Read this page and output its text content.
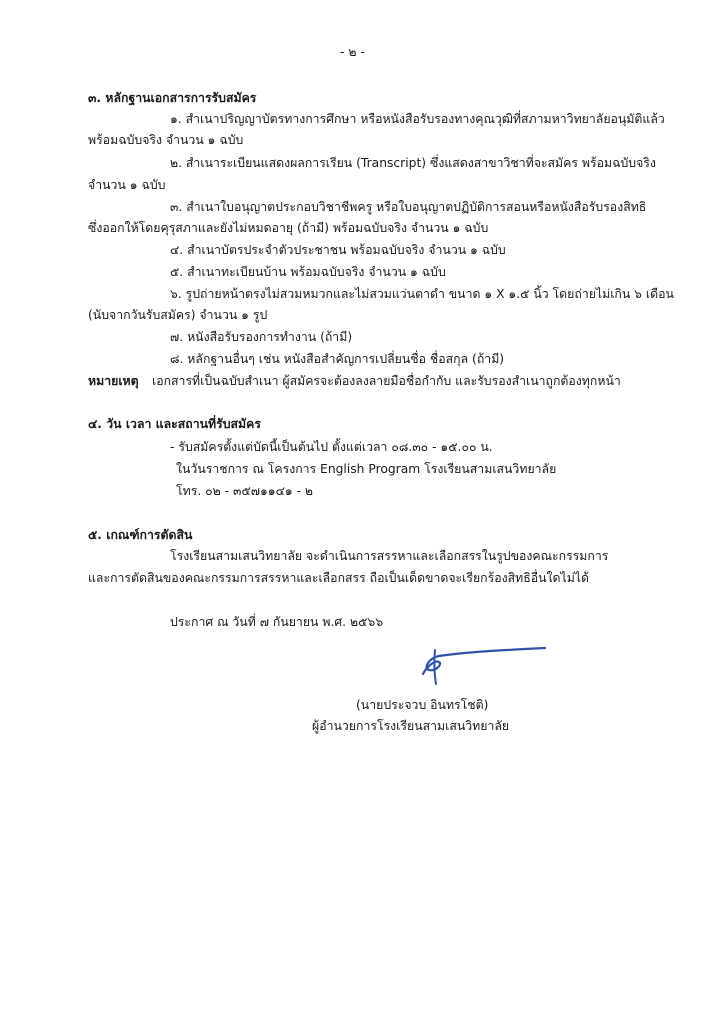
- ๒ -
๓. หลักฐานเอกสารการรับสมัคร
๑. สำเนาปริญญาบัตรทางการศึกษา หรือหนังสือรับรองทางคุณวุฒิที่สภามหาวิทยาลัยอนุมัติแล้ว
พร้อมฉบับจริง จำนวน ๑ ฉบับ
๒. สำเนาระเบียนแสดงผลการเรียน (Transcript) ซึ่งแสดงสาขาวิชาที่จะสมัคร พร้อมฉบับจริง
จำนวน ๑ ฉบับ
๓. สำเนาใบอนุญาตประกอบวิชาชีพครู หรือใบอนุญาตปฏิบัติการสอนหรือหนังสือรับรองสิทธิ
ซึ่งออกให้โดยคุรุสภาและยังไม่หมดอายุ (ถ้ามี) พร้อมฉบับจริง จำนวน ๑ ฉบับ
๔. สำเนาบัตรประจำตัวประชาชน พร้อมฉบับจริง จำนวน ๑ ฉบับ
๕. สำเนาทะเบียนบ้าน พร้อมฉบับจริง จำนวน ๑ ฉบับ
๖. รูปถ่ายหน้าตรงไม่สวมหมวกและไม่สวมแว่นตาดำ ขนาด ๑ X ๑.๕ นิ้ว โดยถ่ายไม่เกิน ๖ เดือน
(นับจากวันรับสมัคร) จำนวน ๑ รูป
๗. หนังสือรับรองการทำงาน (ถ้ามี)
๘. หลักฐานอื่นๆ เช่น หนังสือสำคัญการเปลี่ยนชื่อ ชื่อสกุล (ถ้ามี)
หมายเหตุ เอกสารที่เป็นฉบับสำเนา ผู้สมัครจะต้องลงลายมือชื่อกำกับ และรับรองสำเนาถูกต้องทุกหน้า
๔. วัน เวลา และสถานที่รับสมัคร
- รับสมัครตั้งแต่บัดนี้เป็นต้นไป ตั้งแต่เวลา ๐๘.๓๐ - ๑๕.๐๐ น.
ในวันราชการ ณ โครงการ English Program โรงเรียนสามเสนวิทยาลัย
โทร. ๐๒ - ๓๕๗๑๑๔๑ - ๒
๕. เกณฑ์การตัดสิน
โรงเรียนสามเสนวิทยาลัย จะดำเนินการสรรหาและเลือกสรรในรูปของคณะกรรมการ
และการตัดสินของคณะกรรมการสรรหาและเลือกสรร ถือเป็นเด็ดขาดจะเรียกร้องสิทธิอื่นใดไม่ได้
ประกาศ ณ วันที่ ๗ กันยายน พ.ศ. ๒๕๖๖
(นายประจวบ อินทรโชติ)
ผู้อำนวยการโรงเรียนสามเสนวิทยาลัย
